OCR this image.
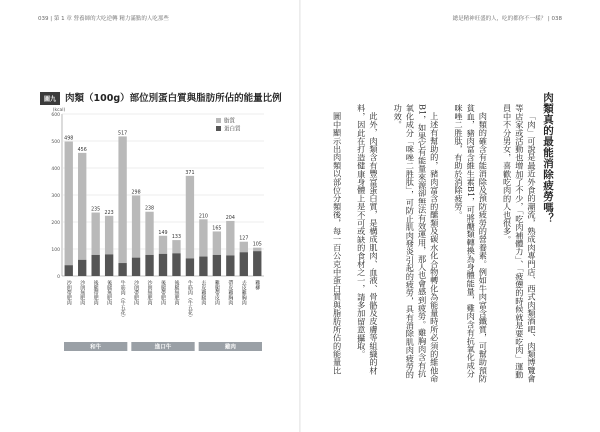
039 | 第 1 章 營養師的大吃逆轉 精力滿點的人吃那些	總是精神旺盛的人，吃的都你不一樣？ | 038
圖九 肉類（100g）部位別蛋白質與脂肪所佔的能量比例
0
100
200
300
400
500
600
(kcal)
脂質
蛋白質
498
沙朗帶肥肉
456
沙朗無肥肉
235
後腿帶肥肉
223
後腿無肥肉
517
牛筋肉（牛五花）
298
沙朗帶肥肉
238
沙朗無肥肉
149
後腿帶肥肉
133
後腿無肥肉
371
牛筋肉（牛五花）
210
去皮雞腿肉
165
雞腿帶皮肉
204
帶皮雞胸肉
127
去皮雞胸肉
105
雞柳
和牛	進口牛	雞肉
肉類真的最能消除疲勞嗎？

「肉」可說是最近外食的潮流，熟成肉專門店、西式肉類酒吧、肉類博覽會等店家或活動也增加了不少，「吃肉補體力」、「疲憊的時候就是要吃肉」運動員中不分男女，喜歡吃肉的人也很多。

肉類的確含有能消除及預防疲勞的營養素。例如牛肉富含鐵質，可幫助預防貧血，豬肉富含維生素B1，可將醣類轉換為身體能量，雞肉含有抗氧化成分咪唑二胜肽，有助於消除疲勞。

上述有幫助的，豬肉富含的醣類及碳水化合物轉化為能量時所必須的維他命B1，如果它有能量來源卻無法有效運用，那人也會感到疲勞。雞胸肉含有抗氧化成分「咪唑二胜肽」，可防止肌肉發炎引起的疲勞，具有消除肌肉疲勞的功效。

此外，肉類含有豐富蛋白質，是構成肌肉、血液、骨骼及皮膚等組織的材料，因此在打造健康身體上是不可或缺的食材之一，請多加留意攝取。

圖中顯示出肉類以部位分類後，每一百公克中蛋白質與脂肪所佔的能量比
